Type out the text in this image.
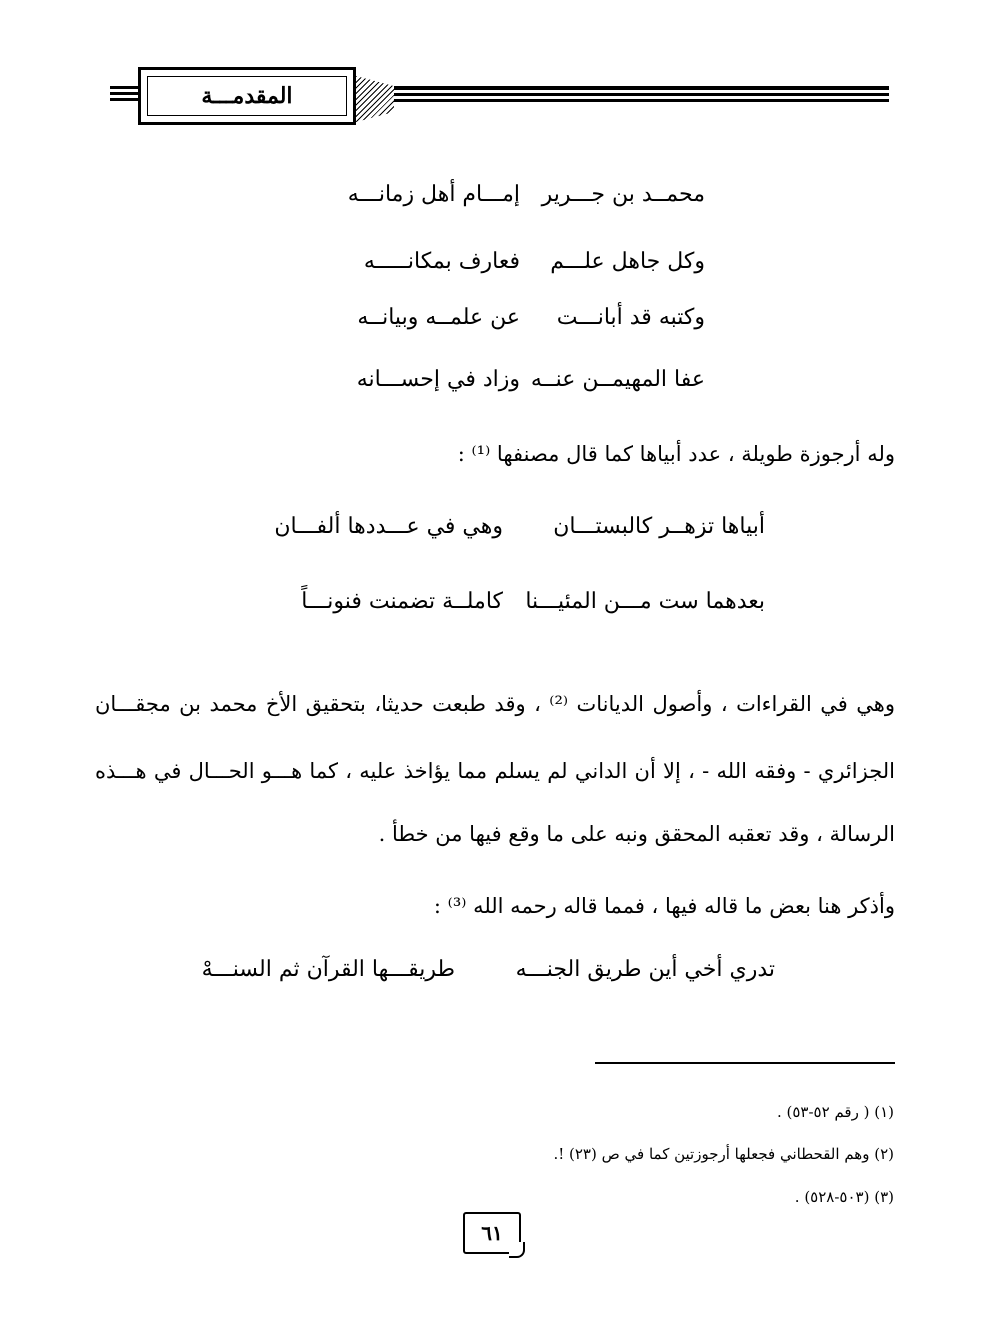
المقدمـــة
محمــد بن جـــرير
إمـــام أهل زمانـــه
وكل جاهل علـــم
فعارف بمكانـــــه
وكتبه قد أبانـــت
عن علمــه وبيانــه
عفا المهيمــن عنــه
وزاد في إحســـانه
وله أرجوزة طويلة ، عدد أبياها كما قال مصنفها ⁽¹⁾ :
أبياها تزهــر كالبستـــان
وهي في عـــددها ألفـــان
بعدهما ست مـــن المئيـــنا
كاملــة تضمنت فنونـــاً
وهي في القراءات ، وأصول الديانات ⁽²⁾ ، وقد طبعت حديثا، بتحقيق الأخ محمد بن مجقـــان
الجزائري - وفقه الله - ، إلا أن الداني لم يسلم مما يؤاخذ عليه ، كما هـــو الحـــال في هـــذه
الرسالة ، وقد تعقبه المحقق ونبه على ما وقع فيها من خطأ .
وأذكر هنا بعض ما قاله فيها ، فمما قاله رحمه الله ⁽³⁾ :
تدري أخي أين طريق الجنـــه
طريقـــها القرآن ثم السنـــهْ
(١) ( رقم ٥٢-٥٣) .
(٢) وهم القحطاني فجعلها أرجوزتين كما في ص (٢٣) !.
(٣) (٥٠٣-٥٢٨) .
٦١
